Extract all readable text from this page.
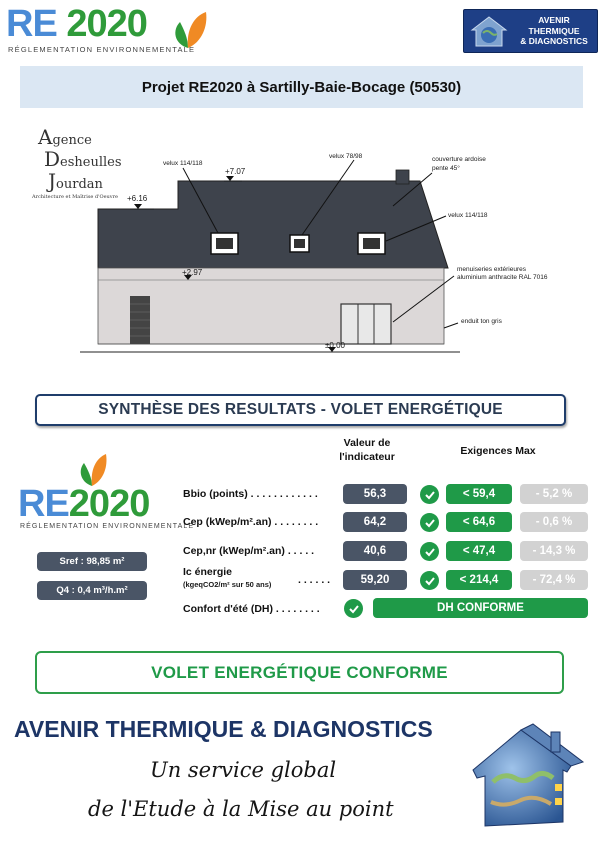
RE 2020
RÉGLEMENTATION ENVIRONNEMENTALE
AVENIR
THERMIQUE
& DIAGNOSTICS
Projet RE2020 à Sartilly-Baie-Bocage (50530)
Agence
Desheulles
Jourdan
Architecture et Maîtrise d'Oeuvre
velux 114/118
velux 78/98	couverture ardoise
pente 45°
velux 114/118
menuiseries extérieures
aluminium anthracite RAL 7016
enduit ton gris
+7.07
+6.16
+2.97
±0.00
SYNTHÈSE DES RESULTATS - VOLET ENERGÉTIQUE
Valeur de
l'indicateur	Exigences Max
RE2020
RÉGLEMENTATION ENVIRONNEMENTALE
Sref : 98,85 m²
Q4 : 0,4 m³/h.m²
Bbio (points) . . . . . . . . . . . .	56,3	< 59,4	- 5,2 %
Cep (kWep/m².an) . . . . . . . .	64,2	< 64,6	- 0,6 %
Cep,nr (kWep/m².an) . . . . .	40,6	< 47,4	- 14,3 %
Ic énergie
(kgeqCO2/m² sur 50 ans)	. . . . . .	59,20	< 214,4	- 72,4 %
Confort d'été (DH) . . . . . . . .	DH CONFORME
VOLET ENERGÉTIQUE CONFORME
AVENIR THERMIQUE & DIAGNOSTICS
Un service global
de l'Etude à la Mise au point
